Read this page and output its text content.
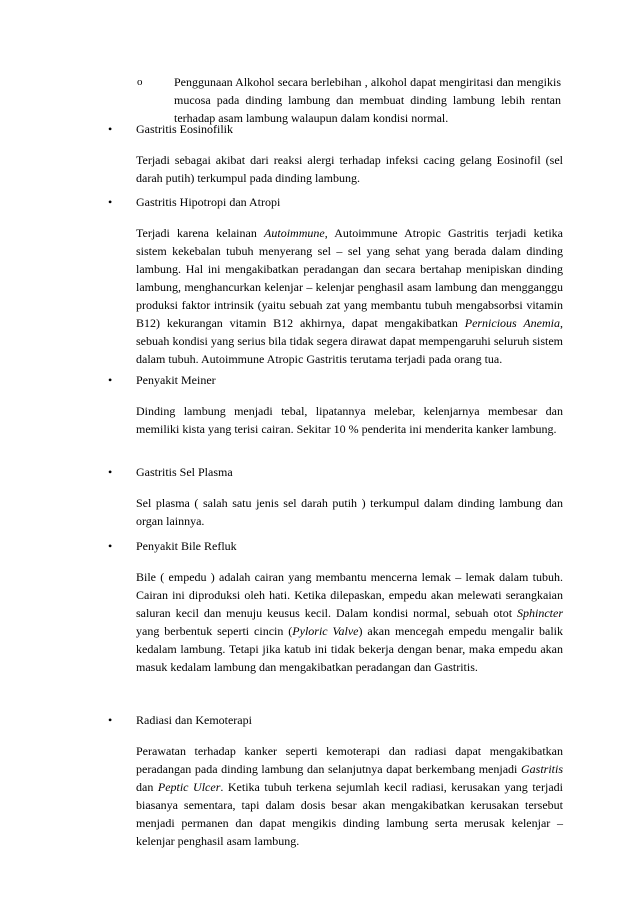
o	Penggunaan Alkohol secara berlebihan , alkohol dapat mengiritasi dan mengikis mucosa pada dinding lambung dan membuat dinding lambung lebih rentan terhadap asam lambung walaupun dalam kondisi normal.
• Gastritis Eosinofilik
Terjadi sebagai akibat dari reaksi alergi terhadap infeksi cacing gelang Eosinofil (sel darah putih) terkumpul pada dinding lambung.
• Gastritis Hipotropi dan Atropi
Terjadi karena kelainan Autoimmune, Autoimmune Atropic Gastritis terjadi ketika sistem kekebalan tubuh menyerang sel – sel yang sehat yang berada dalam dinding lambung. Hal ini mengakibatkan peradangan dan secara bertahap menipiskan dinding lambung, menghancurkan kelenjar – kelenjar penghasil asam lambung dan mengganggu produksi faktor intrinsik (yaitu sebuah zat yang membantu tubuh mengabsorbsi vitamin B12) kekurangan vitamin B12 akhirnya, dapat mengakibatkan Pernicious Anemia, sebuah kondisi yang serius bila tidak segera dirawat dapat mempengaruhi seluruh sistem dalam tubuh. Autoimmune Atropic Gastritis terutama terjadi pada orang tua.
• Penyakit Meiner
Dinding lambung menjadi tebal, lipatannya melebar, kelenjarnya membesar dan memiliki kista yang terisi cairan. Sekitar 10 % penderita ini menderita kanker lambung.
• Gastritis Sel Plasma
Sel plasma ( salah satu jenis sel darah putih ) terkumpul dalam dinding lambung dan organ lainnya.
• Penyakit Bile Refluk
Bile ( empedu ) adalah cairan yang membantu mencerna lemak – lemak dalam tubuh. Cairan ini diproduksi oleh hati. Ketika dilepaskan, empedu akan melewati serangkaian saluran kecil dan menuju keusus kecil. Dalam kondisi normal, sebuah otot Sphincter yang berbentuk seperti cincin (Pyloric Valve) akan mencegah empedu mengalir balik kedalam lambung. Tetapi jika katub ini tidak bekerja dengan benar, maka empedu akan masuk kedalam lambung dan mengakibatkan peradangan dan Gastritis.
• Radiasi dan Kemoterapi
Perawatan terhadap kanker seperti kemoterapi dan radiasi dapat mengakibatkan peradangan pada dinding lambung dan selanjutnya dapat berkembang menjadi Gastritis dan Peptic Ulcer. Ketika tubuh terkena sejumlah kecil radiasi, kerusakan yang terjadi biasanya sementara, tapi dalam dosis besar akan mengakibatkan kerusakan tersebut menjadi permanen dan dapat mengikis dinding lambung serta merusak kelenjar – kelenjar penghasil asam lambung.
